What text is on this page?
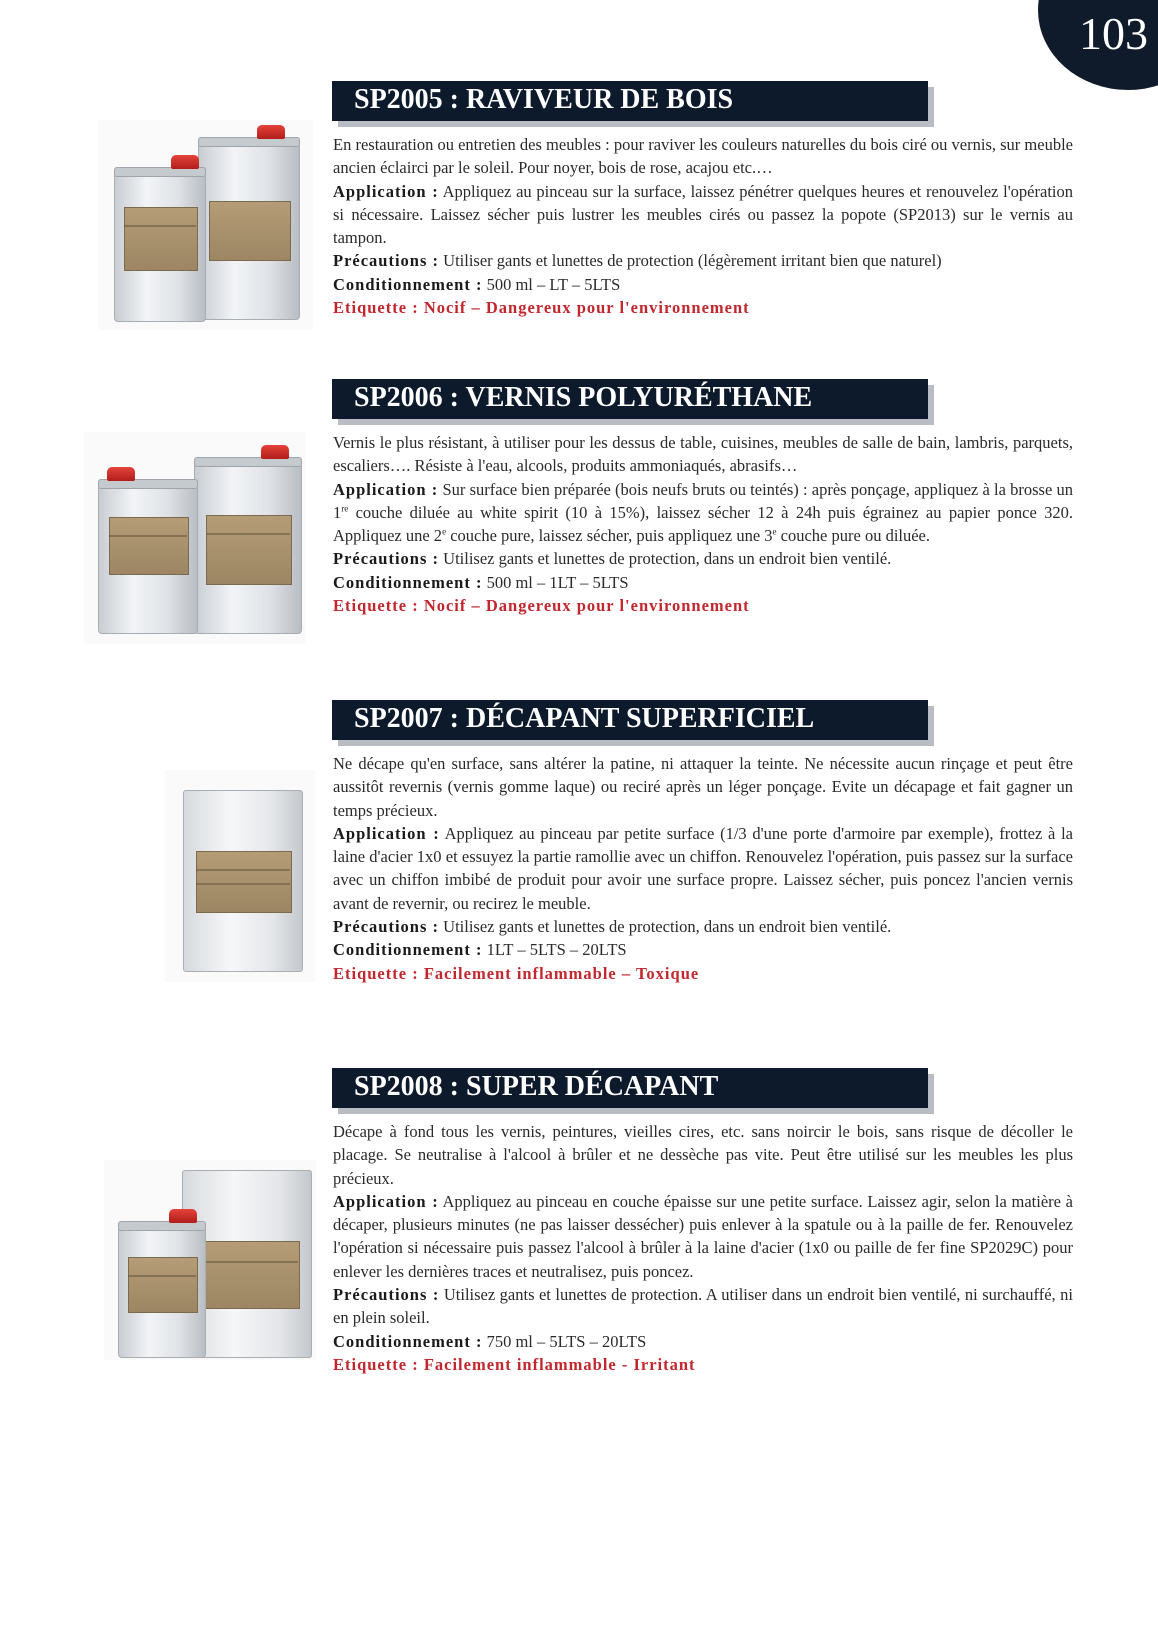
103
SP2005 : RAVIVEUR DE BOIS

En restauration ou entretien des meubles : pour raviver les couleurs naturelles du bois ciré ou vernis, sur meuble ancien éclairci par le soleil. Pour noyer, bois de rose, acajou etc.…

Application : Appliquez au pinceau sur la surface, laissez pénétrer quelques heures et renouvelez l'opération si nécessaire. Laissez sécher puis lustrer les meubles cirés ou passez la popote (SP2013) sur le vernis au tampon.

Précautions : Utiliser gants et lunettes de protection (légèrement irritant bien que naturel)

Conditionnement : 500 ml – LT – 5LTS

Etiquette : Nocif – Dangereux pour l'environnement

SP2006 : VERNIS POLYURÉTHANE

Vernis le plus résistant, à utiliser pour les dessus de table, cuisines, meubles de salle de bain, lambris, parquets, escaliers…. Résiste à l'eau, alcools, produits ammoniaqués, abrasifs…

Application : Sur surface bien préparée (bois neufs bruts ou teintés) : après ponçage, appliquez à la brosse un 1re couche diluée au white spirit (10 à 15%), laissez sécher 12 à 24h puis égrainez au papier ponce 320. Appliquez une 2e couche pure, laissez sécher, puis appliquez une 3e couche pure ou diluée.

Précautions : Utilisez gants et lunettes de protection, dans un endroit bien ventilé.

Conditionnement : 500 ml – 1LT – 5LTS

Etiquette : Nocif – Dangereux pour l'environnement

SP2007 : DÉCAPANT SUPERFICIEL

Ne décape qu'en surface, sans altérer la patine, ni attaquer la teinte. Ne nécessite aucun rinçage et peut être aussitôt revernis (vernis gomme laque) ou reciré après un léger ponçage. Evite un décapage et fait gagner un temps précieux.

Application : Appliquez au pinceau par petite surface (1/3 d'une porte d'armoire par exemple), frottez à la laine d'acier 1x0 et essuyez la partie ramollie avec un chiffon. Renouvelez l'opération, puis passez sur la surface avec un chiffon imbibé de produit pour avoir une surface propre. Laissez sécher, puis poncez l'ancien vernis avant de revernir, ou recirez le meuble.

Précautions : Utilisez gants et lunettes de protection, dans un endroit bien ventilé.

Conditionnement : 1LT – 5LTS – 20LTS

Etiquette : Facilement inflammable – Toxique

SP2008 : SUPER DÉCAPANT

Décape à fond tous les vernis, peintures, vieilles cires, etc. sans noircir le bois, sans risque de décoller le placage. Se neutralise à l'alcool à brûler et ne dessèche pas vite. Peut être utilisé sur les meubles les plus précieux.

Application : Appliquez au pinceau en couche épaisse sur une petite surface. Laissez agir, selon la matière à décaper, plusieurs minutes (ne pas laisser dessécher) puis enlever à la spatule ou à la paille de fer. Renouvelez l'opération si nécessaire puis passez l'alcool à brûler à la laine d'acier (1x0 ou paille de fer fine SP2029C) pour enlever les dernières traces et neutralisez, puis poncez.

Précautions : Utilisez gants et lunettes de protection. A utiliser dans un endroit bien ventilé, ni surchauffé, ni en plein soleil.

Conditionnement : 750 ml – 5LTS – 20LTS

Etiquette : Facilement inflammable - Irritant
